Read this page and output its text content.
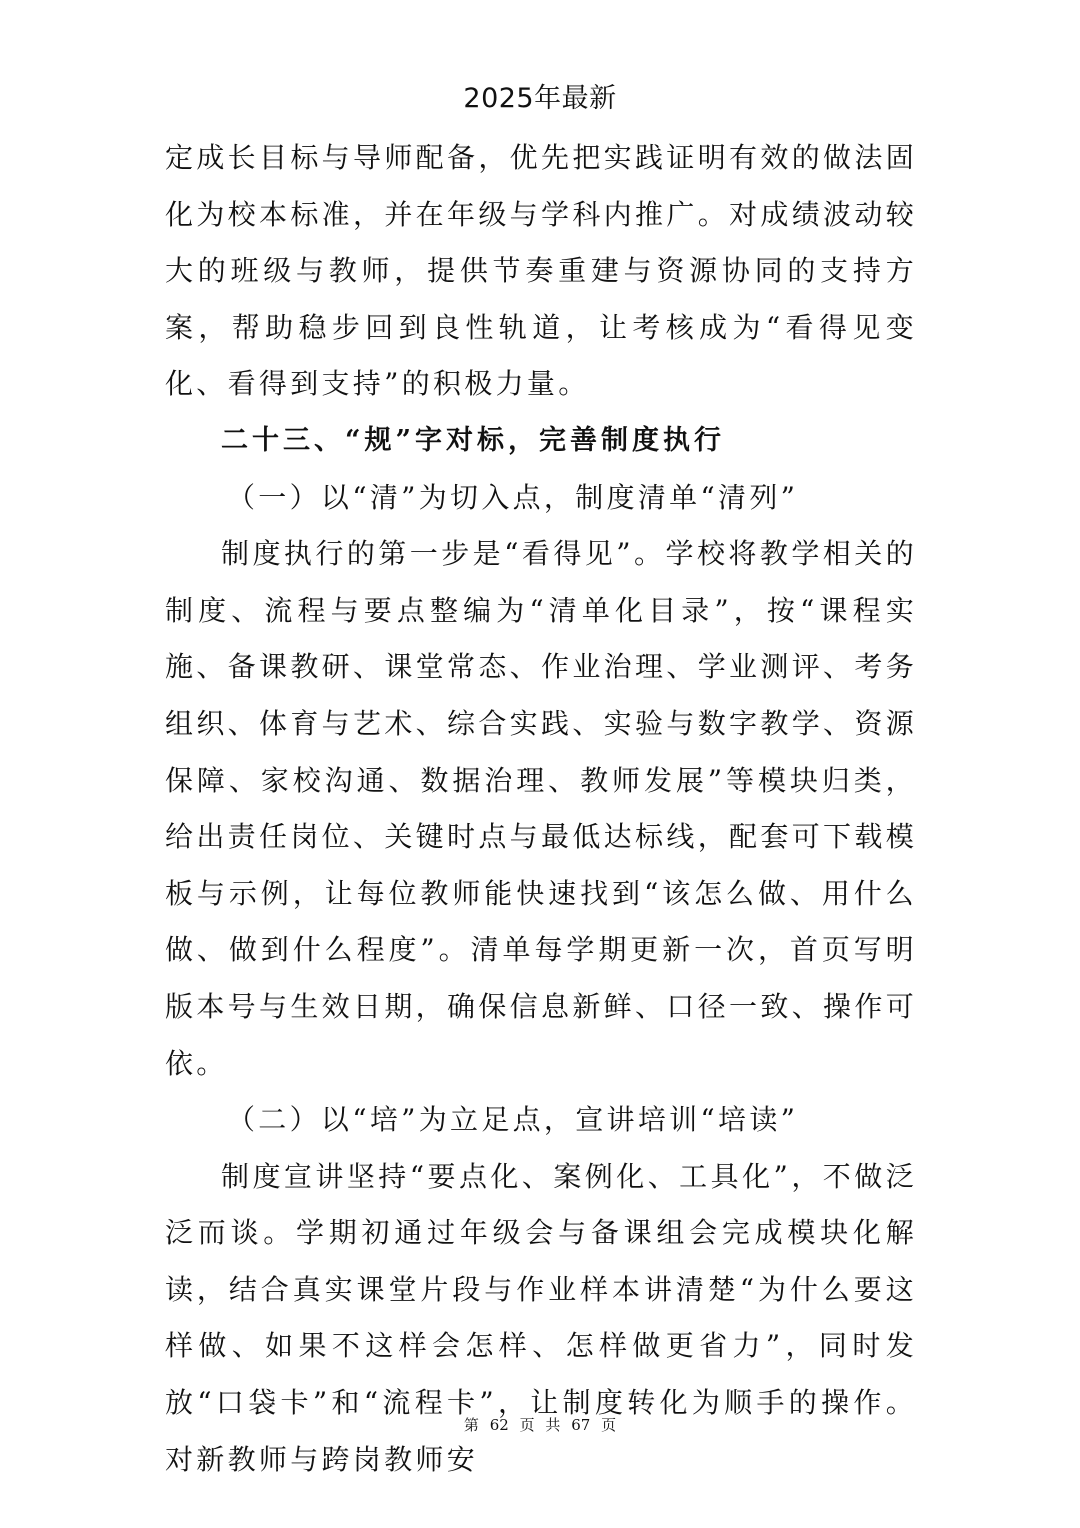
2025年最新

定成长目标与导师配备，优先把实践证明有效的做法固化为校本标准，并在年级与学科内推广。对成绩波动较大的班级与教师，提供节奏重建与资源协同的支持方案，帮助稳步回到良性轨道，让考核成为“看得见变化、看得到支持”的积极力量。

二十三、“规”字对标，完善制度执行

（一）以“清”为切入点，制度清单“清列”

制度执行的第一步是“看得见”。学校将教学相关的制度、流程与要点整编为“清单化目录”，按“课程实施、备课教研、课堂常态、作业治理、学业测评、考务组织、体育与艺术、综合实践、实验与数字教学、资源保障、家校沟通、数据治理、教师发展”等模块归类，给出责任岗位、关键时点与最低达标线，配套可下载模板与示例，让每位教师能快速找到“该怎么做、用什么做、做到什么程度”。清单每学期更新一次，首页写明版本号与生效日期，确保信息新鲜、口径一致、操作可依。

（二）以“培”为立足点，宣讲培训“培读”

制度宣讲坚持“要点化、案例化、工具化”，不做泛泛而谈。学期初通过年级会与备课组会完成模块化解读，结合真实课堂片段与作业样本讲清楚“为什么要这样做、如果不这样会怎样、怎样做更省力”，同时发放“口袋卡”和“流程卡”，让制度转化为顺手的操作。对新教师与跨岗教师安

第 62 页 共 67 页
